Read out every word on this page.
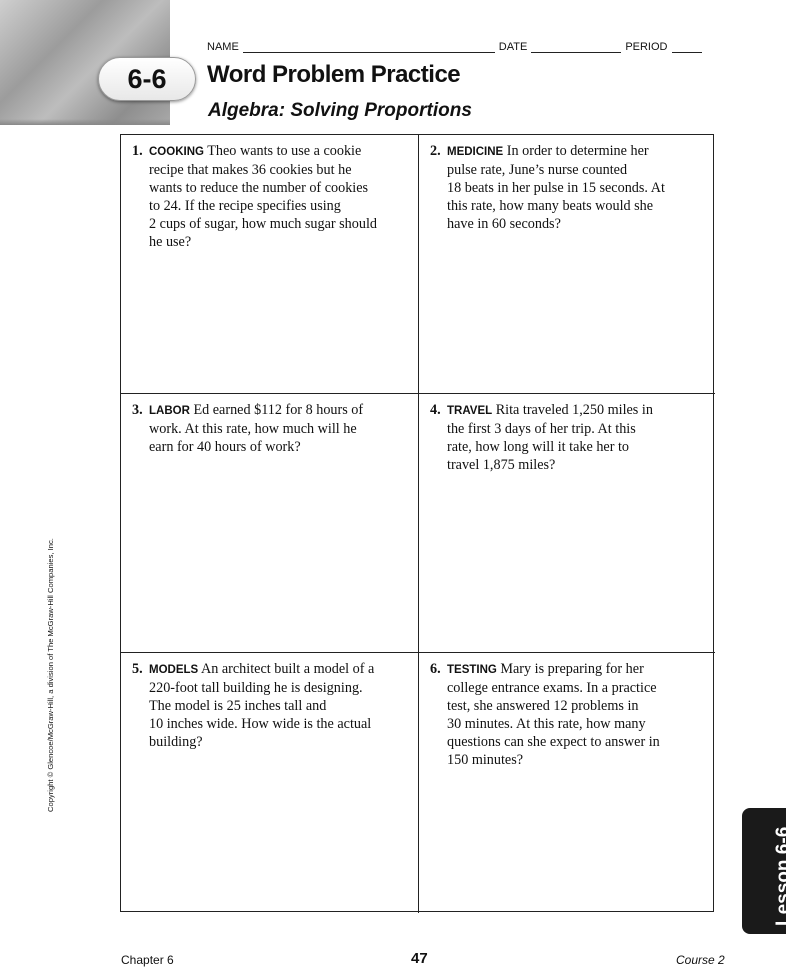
6-6
NAME	DATE	PERIOD
Word Problem Practice
Algebra: Solving Proportions
1. COOKING Theo wants to use a cookie
recipe that makes 36 cookies but he
wants to reduce the number of cookies
to 24. If the recipe specifies using
2 cups of sugar, how much sugar should
he use?
2. MEDICINE In order to determine her
pulse rate, June’s nurse counted
18 beats in her pulse in 15 seconds. At
this rate, how many beats would she
have in 60 seconds?
3. LABOR Ed earned $112 for 8 hours of
work. At this rate, how much will he
earn for 40 hours of work?
4. TRAVEL Rita traveled 1,250 miles in
the first 3 days of her trip. At this
rate, how long will it take her to
travel 1,875 miles?
5. MODELS An architect built a model of a
220-foot tall building he is designing.
The model is 25 inches tall and
10 inches wide. How wide is the actual
building?
6. TESTING Mary is preparing for her
college entrance exams. In a practice
test, she answered 12 problems in
30 minutes. At this rate, how many
questions can she expect to answer in
150 minutes?
Copyright © Glencoe/McGraw-Hill, a division of The McGraw-Hill Companies, Inc.
Lesson 6-6
Chapter 6	47	Course 2
